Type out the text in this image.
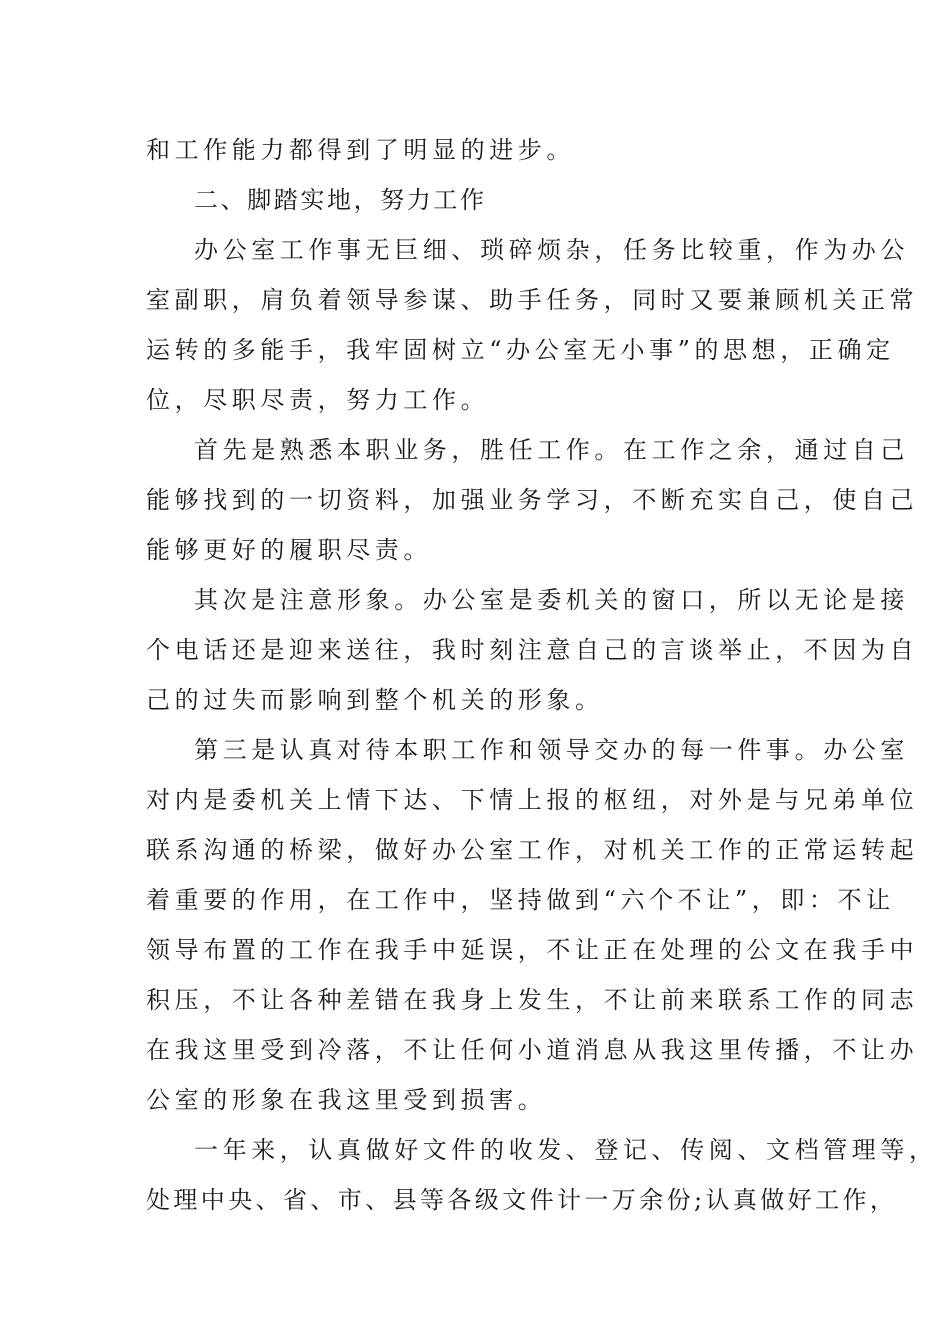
和工作能力都得到了明显的进步。
二、脚踏实地，努力工作
办公室工作事无巨细、琐碎烦杂，任务比较重，作为办公
室副职，肩负着领导参谋、助手任务，同时又要兼顾机关正常
运转的多能手，我牢固树立“办公室无小事”的思想，正确定
位，尽职尽责，努力工作。
首先是熟悉本职业务，胜任工作。在工作之余，通过自己
能够找到的一切资料，加强业务学习，不断充实自己，使自己
能够更好的履职尽责。
其次是注意形象。办公室是委机关的窗口，所以无论是接
个电话还是迎来送往，我时刻注意自己的言谈举止，不因为自
己的过失而影响到整个机关的形象。
第三是认真对待本职工作和领导交办的每一件事。办公室
对内是委机关上情下达、下情上报的枢纽，对外是与兄弟单位
联系沟通的桥梁，做好办公室工作，对机关工作的正常运转起
着重要的作用，在工作中，坚持做到“六个不让”，即：不让
领导布置的工作在我手中延误，不让正在处理的公文在我手中
积压，不让各种差错在我身上发生，不让前来联系工作的同志
在我这里受到冷落，不让任何小道消息从我这里传播，不让办
公室的形象在我这里受到损害。
一年来，认真做好文件的收发、登记、传阅、文档管理等，
处理中央、省、市、县等各级文件计一万余份;认真做好工作，
